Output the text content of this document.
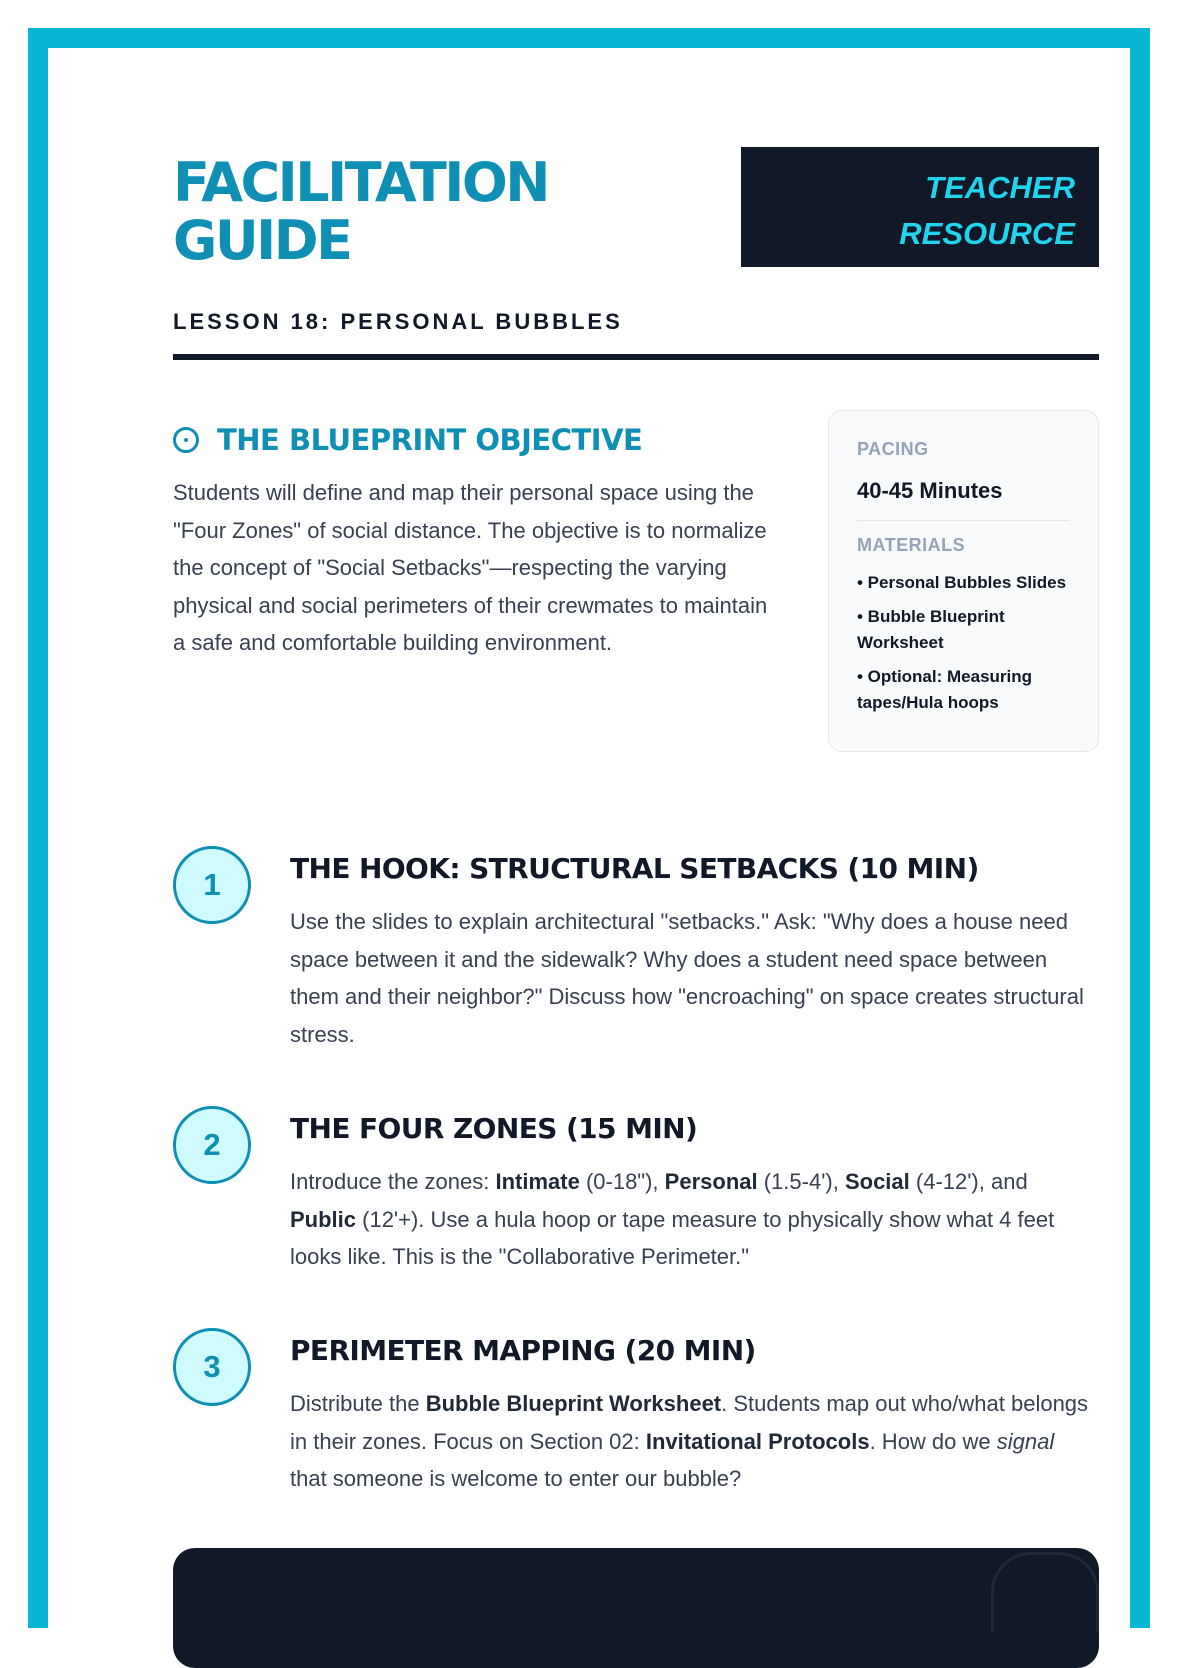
FACILITATION
GUIDE
LESSON 18: PERSONAL BUBBLES
TEACHER
RESOURCE
THE BLUEPRINT OBJECTIVE
Students will define and map their personal space using the "Four Zones" of social distance. The objective is to normalize the concept of "Social Setbacks"—respecting the varying physical and social perimeters of their crewmates to maintain a safe and comfortable building environment.
PACING
40-45 Minutes
MATERIALS
• Personal Bubbles Slides
• Bubble Blueprint Worksheet
• Optional: Measuring tapes/Hula hoops
1	THE HOOK: STRUCTURAL SETBACKS (10 MIN)
Use the slides to explain architectural "setbacks." Ask: "Why does a house need space between it and the sidewalk? Why does a student need space between them and their neighbor?" Discuss how "encroaching" on space creates structural stress.
2	THE FOUR ZONES (15 MIN)
Introduce the zones: Intimate (0-18"), Personal (1.5-4'), Social (4-12'), and Public (12'+). Use a hula hoop or tape measure to physically show what 4 feet looks like. This is the "Collaborative Perimeter."
3	PERIMETER MAPPING (20 MIN)
Distribute the Bubble Blueprint Worksheet. Students map out who/what belongs in their zones. Focus on Section 02: Invitational Protocols. How do we signal that someone is welcome to enter our bubble?
